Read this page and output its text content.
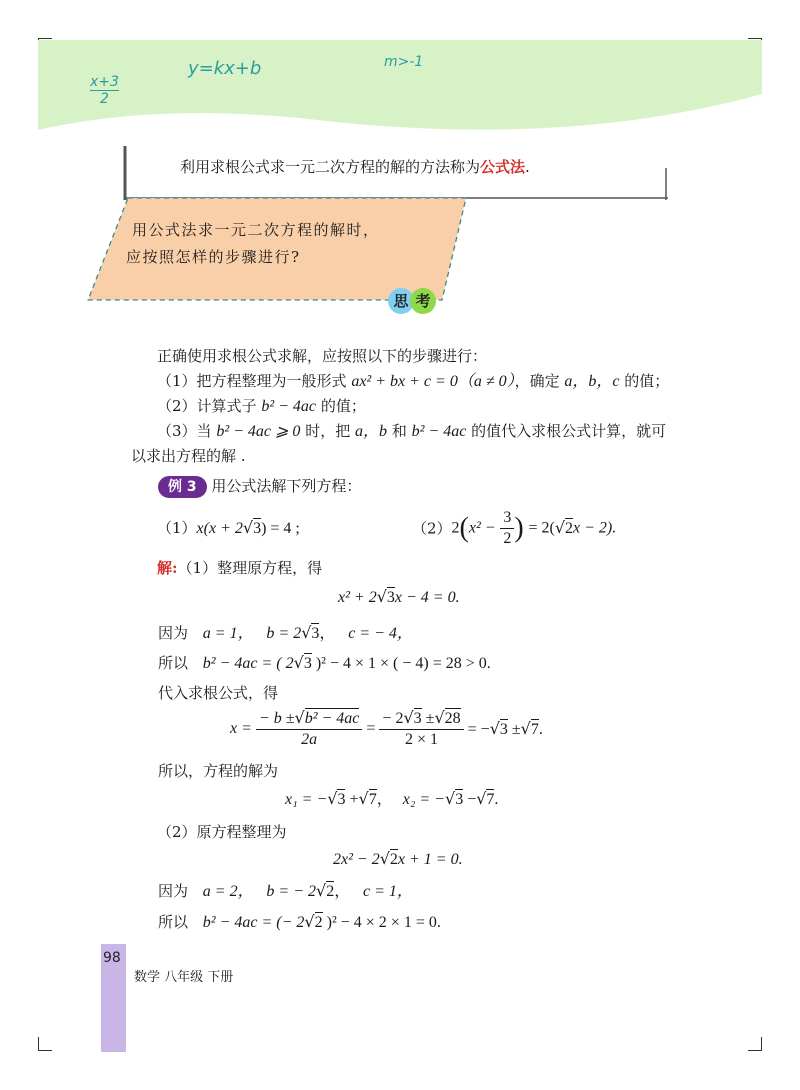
x+3
2
y=kx+b	m>-1
利用求根公式求一元二次方程的解的方法称为公式法.
用公式法求一元二次方程的解时，
应按照怎样的步骤进行?
思 考
正确使用求根公式求解，应按照以下的步骤进行：
（1）把方程整理为一般形式 ax² + bx + c = 0（a ≠ 0），确定 a，b，c 的值；
（2）计算式子 b² − 4ac 的值；
（3）当 b² − 4ac ⩾ 0 时，把 a，b 和 b² − 4ac 的值代入求根公式计算，就可
以求出方程的解 .
例 3 用公式法解下列方程：
（1）x(x + 2√3) = 4 ;	$(2)2(x^2 - \frac{3}{2}$ ) = 2(√2x − 2).
解:（1）整理原方程，得
x² + 2√3x − 4 = 0.
因为 a = 1， b = 2√3， c = − 4，
所以 b² − 4ac = ( 2√3 )² − 4 × 1 × ( − 4) = 28 > 0.
代入求根公式，得
$x = \frac{\text{− b ±√b² − 4ac}}{2a} = \frac{- 2√3 \pm√28}{2 \times 1} = -√3 \pm√7$.
所以，方程的解为
x₁ = −√3 +√7， x₂ = −√3 −√7.
（2）原方程整理为
2x² − 2√2x + 1 = 0.
因为 a = 2， b = − 2√2， c = 1，
所以 b² − 4ac = (− 2√2 )² − 4 × 2 × 1 = 0.
98
数学 八年级 下册
